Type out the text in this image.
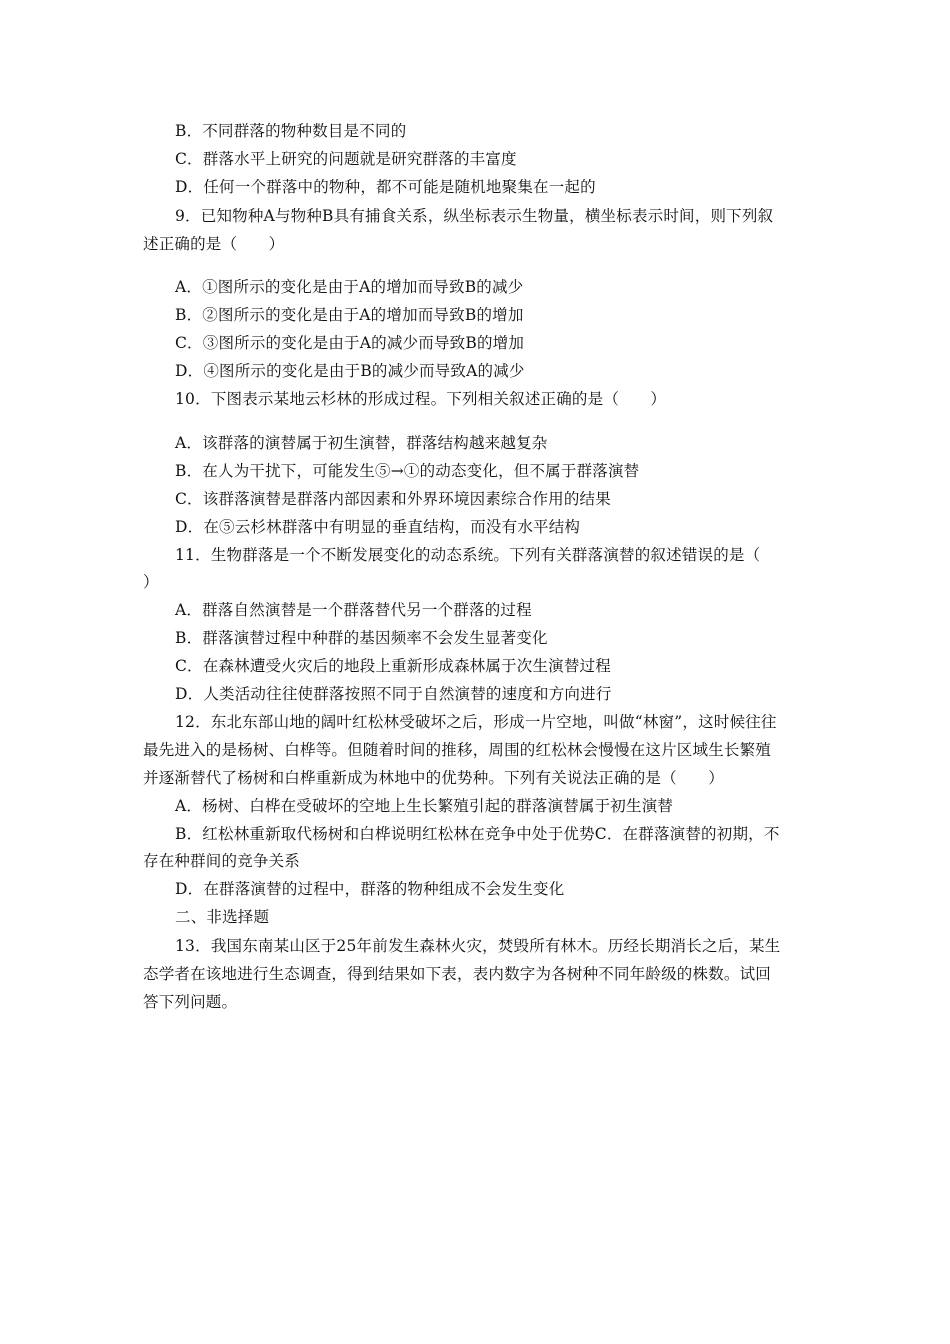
B．不同群落的物种数目是不同的
C．群落水平上研究的问题就是研究群落的丰富度
D．任何一个群落中的物种，都不可能是随机地聚集在一起的
9．已知物种A与物种B具有捕食关系，纵坐标表示生物量，横坐标表示时间，则下列叙
述正确的是（　　）
A．①图所示的变化是由于A的增加而导致B的减少
B．②图所示的变化是由于A的增加而导致B的增加
C．③图所示的变化是由于A的减少而导致B的增加
D．④图所示的变化是由于B的减少而导致A的减少
10．下图表示某地云杉林的形成过程。下列相关叙述正确的是（　　）
A．该群落的演替属于初生演替，群落结构越来越复杂
B．在人为干扰下，可能发生⑤→①的动态变化，但不属于群落演替
C．该群落演替是群落内部因素和外界环境因素综合作用的结果
D．在⑤云杉林群落中有明显的垂直结构，而没有水平结构
11．生物群落是一个不断发展变化的动态系统。下列有关群落演替的叙述错误的是（
）
A．群落自然演替是一个群落替代另一个群落的过程
B．群落演替过程中种群的基因频率不会发生显著变化
C．在森林遭受火灾后的地段上重新形成森林属于次生演替过程
D．人类活动往往使群落按照不同于自然演替的速度和方向进行
12．东北东部山地的阔叶红松林受破坏之后，形成一片空地，叫做“林窗”，这时候往往
最先进入的是杨树、白桦等。但随着时间的推移，周围的红松林会慢慢在这片区域生长繁殖
并逐渐替代了杨树和白桦重新成为林地中的优势种。下列有关说法正确的是（　　）
A．杨树、白桦在受破坏的空地上生长繁殖引起的群落演替属于初生演替
B．红松林重新取代杨树和白桦说明红松林在竞争中处于优势C．在群落演替的初期，不
存在种群间的竞争关系
D．在群落演替的过程中，群落的物种组成不会发生变化
二、非选择题
13．我国东南某山区于25年前发生森林火灾，焚毁所有林木。历经长期消长之后，某生
态学者在该地进行生态调查，得到结果如下表，表内数字为各树种不同年龄级的株数。试回
答下列问题。
